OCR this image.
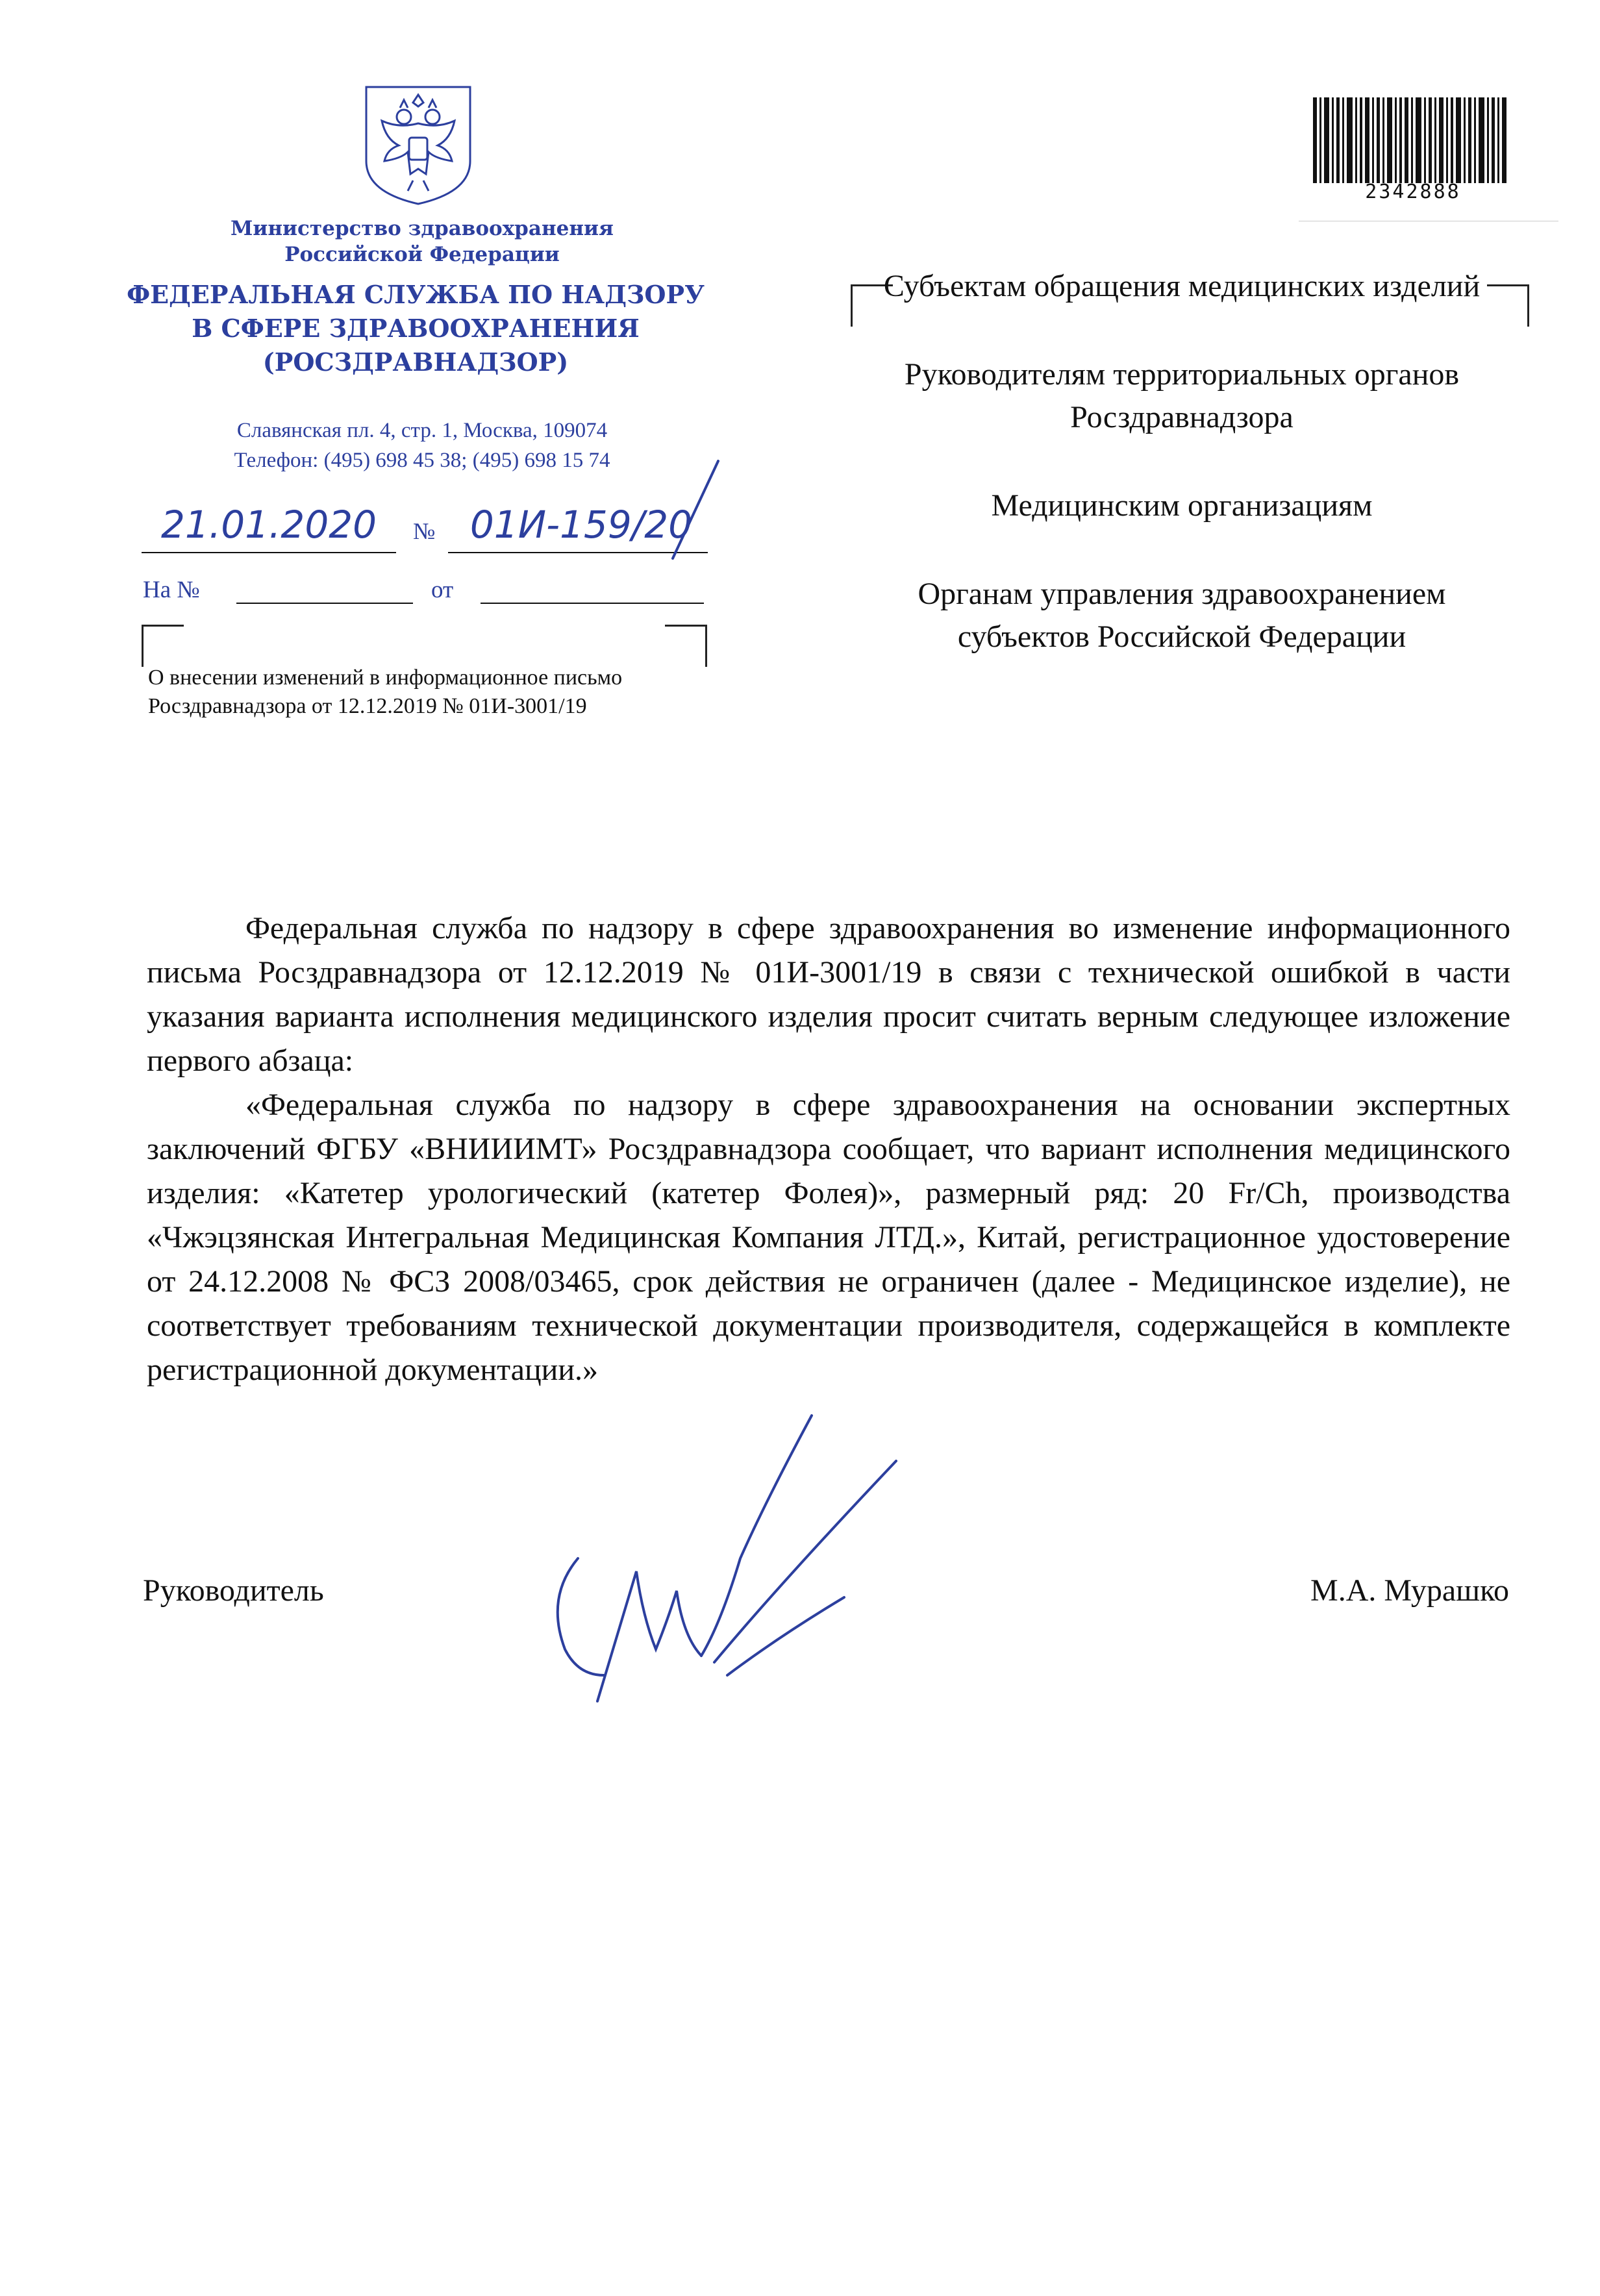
Министерство здравоохранения
Российской Федерации
ФЕДЕРАЛЬНАЯ СЛУЖБА ПО НАДЗОРУ
В СФЕРЕ ЗДРАВООХРАНЕНИЯ
(РОСЗДРАВНАДЗОР)
Славянская пл. 4, стр. 1, Москва, 109074
Телефон: (495) 698 45 38; (495) 698 15 74
21.01.2020	№ 01И-159/20
На №	от
О внесении изменений в информационное письмо Росздравнадзора от 12.12.2019 № 01И-3001/19
2342888

Субъектам обращения медицинских изделий

Руководителям территориальных органов Росздравнадзора

Медицинским организациям

Органам управления здравоохранением субъектов Российской Федерации

Федеральная служба по надзору в сфере здравоохранения во изменение информационного письма Росздравнадзора от 12.12.2019 № 01И-3001/19 в связи с технической ошибкой в части указания варианта исполнения медицинского изделия просит считать верным следующее изложение первого абзаца:

«Федеральная служба по надзору в сфере здравоохранения на основании экспертных заключений ФГБУ «ВНИИИМТ» Росздравнадзора сообщает, что вариант исполнения медицинского изделия: «Катетер урологический (катетер Фолея)», размерный ряд: 20 Fr/Ch, производства «Чжэцзянская Интегральная Медицинская Компания ЛТД.», Китай, регистрационное удостоверение от 24.12.2008 № ФСЗ 2008/03465, срок действия не ограничен (далее - Медицинское изделие), не соответствует требованиям технической документации производителя, содержащейся в комплекте регистрационной документации.»

Руководитель	М.А. Мурашко
